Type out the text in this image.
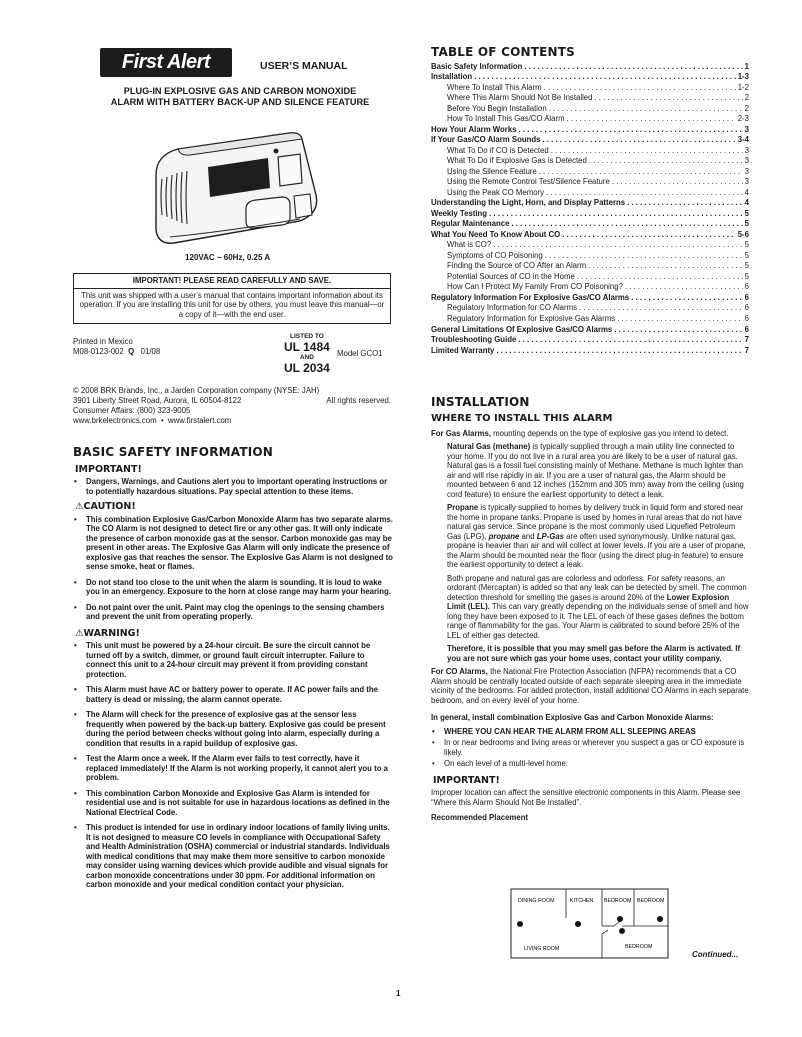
First Alert	USER’S MANUAL
PLUG-IN EXPLOSIVE GAS AND CARBON MONOXIDE
ALARM WITH BATTERY BACK-UP AND SILENCE FEATURE
120VAC ~ 60Hz, 0.25 A
IMPORTANT! PLEASE READ CAREFULLY AND SAVE.
This unit was shipped with a user’s manual that contains important information about its operation. If you are installing this unit for use by others, you must leave this manual—or a copy of it—with the end user.
Printed in Mexico
M08-0123-002 Q 01/08
LISTED TO
UL 1484
AND
UL 2034
Model GCO1
© 2008 BRK Brands, Inc., a Jarden Corporation company (NYSE: JAH)
3901 Liberty Street Road, Aurora, IL 60504-8122	All rights reserved.
Consumer Affairs: (800) 323-9005
www.brkelectronics.com • www.firstalert.com
BASIC SAFETY INFORMATION
IMPORTANT!
• Dangers, Warnings, and Cautions alert you to important operating instructions or to potentially hazardous situations. Pay special attention to these items.
⚠CAUTION!
• This combination Explosive Gas/Carbon Monoxide Alarm has two separate alarms. The CO Alarm is not designed to detect fire or any other gas. It will only indicate the presence of carbon monoxide gas at the sensor. Carbon monoxide gas may be present in other areas. The Explosive Gas Alarm will only indicate the presence of explosive gas that reaches the sensor. The Explosive Gas Alarm is not designed to sense smoke, heat or flames.
• Do not stand too close to the unit when the alarm is sounding. It is loud to wake you in an emergency. Exposure to the horn at close range may harm your hearing.
• Do not paint over the unit. Paint may clog the openings to the sensing chambers and prevent the unit from operating properly.
⚠WARNING!
• This unit must be powered by a 24-hour circuit. Be sure the circuit cannot be turned off by a switch, dimmer, or ground fault circuit interrupter. Failure to connect this unit to a 24-hour circuit may prevent it from providing constant protection.
• This Alarm must have AC or battery power to operate. If AC power fails and the battery is dead or missing, the alarm cannot operate.
• The Alarm will check for the presence of explosive gas at the sensor less frequently when powered by the back-up battery. Explosive gas could be present during the period between checks without going into alarm, especially during a condition that results in a rapid buildup of explosive gas.
• Test the Alarm once a week. If the Alarm ever fails to test correctly, have it replaced immediately! If the Alarm is not working properly, it cannot alert you to a problem.
• This combination Carbon Monoxide and Explosive Gas Alarm is intended for residential use and is not suitable for use in hazardous locations as defined in the National Electrical Code.
• This product is intended for use in ordinary indoor locations of family living units. It is not designed to measure CO levels in compliance with Occupational Safety and Health Administration (OSHA) commercial or industrial standards. Individuals with medical conditions that may make them more sensitive to carbon monoxide may consider using warning devices which provide audible and visual signals for carbon monoxide concentrations under 30 ppm. For additional information on carbon monoxide and your medical condition contact your physician.
TABLE OF CONTENTS
Basic Safety Information . . .	1
Installation . . .	1-3
Where To Install This Alarm . . .	1-2
Where This Alarm Should Not Be Installed . . .	2
Before You Begin Installation . . .	2
How To Install This Gas/CO Alarm . . .	2-3
How Your Alarm Works . . .	3
If Your Gas/CO Alarm Sounds . . .	3-4
What To Do if CO is Detected . . .	3
What To Do if Explosive Gas is Detected . . .	3
Using the Silence Feature . . .	3
Using the Remote Control Test/Silence Feature . . .	3
Using the Peak CO Memory . . .	4
Understanding the Light, Horn, and Display Patterns . . .	4
Weekly Testing . . .	5
Regular Maintenance . . .	5
What You Need To Know About CO . . .	5-6
What is CO? . . .	5
Symptoms of CO Poisoning . . .	5
Finding the Source of CO After an Alarm . . .	5
Potential Sources of CO in the Home . . .	5
How Can I Protect My Family From CO Poisoning? . . .	6
Regulatory Information For Explosive Gas/CO Alarms . . .	6
Regulatory Information for CO Alarms . . .	6
Regulatory Information for Explosive Gas Alarms . . .	6
General Limitations Of Explosive Gas/CO Alarms . . .	6
Troubleshooting Guide . . .	7
Limited Warranty . . .	7
INSTALLATION
WHERE TO INSTALL THIS ALARM

For Gas Alarms, mounting depends on the type of explosive gas you intend to detect.

Natural Gas (methane) is typically supplied through a main utility line connected to your home. If you do not live in a rural area you are likely to be a user of natural gas. Natural gas is a fossil fuel consisting mainly of Methane. Methane is much lighter than air and will rise rapidly in air. If you are a user of natural gas, the Alarm should be mounted between 6 and 12 inches (152mm and 305 mm) away from the ceiling (using cord feature) to ensure the earliest opportunity to detect a leak.

Propane is typically supplied to homes by delivery truck in liquid form and stored near the home in propane tanks. Propane is used by homes in rural areas that do not have natural gas service. Since propane is the most commonly used Liquefied Petroleum Gas (LPG), propane and LP-Gas are often used synonymously. Unlike natural gas, propane is heavier than air and will collect at lower levels. If you are a user of propane, the Alarm should be mounted near the floor (using the direct plug-in feature) to ensure the earliest opportunity to detect a leak.

Both propane and natural gas are colorless and odorless. For safety reasons, an ordorant (Mercaptan) is added so that any leak can be detected by smell. The common detection threshold for smelling the gases is around 20% of the Lower Explosion Limit (LEL). This can vary greatly depending on the individuals sense of smell and how long they have been exposed to it. The LEL of each of these gases defines the bottom range of flammability for the gas. Your Alarm is calibrated to sound before 25% of the LEL of either gas detected.

Therefore, it is possible that you may smell gas before the Alarm is activated. If you are not sure which gas your home uses, contact your utility company.

For CO Alarms, the National Fire Protection Association (NFPA) recommends that a CO Alarm should be centrally located outside of each separate sleeping area in the immediate vicinity of the bedrooms. For added protection, install additional CO Alarms in each separate bedroom, and on every level of your home.

In general, install combination Explosive Gas and Carbon Monoxide Alarms:

• WHERE YOU CAN HEAR THE ALARM FROM ALL SLEEPING AREAS
• In or near bedrooms and living areas or wherever you suspect a gas or CO exposure is likely.
• On each level of a multi-level home.
IMPORTANT!

Improper location can affect the sensitive electronic components in this Alarm. Please see “Where this Alarm Should Not Be Installed”.

Recommended Placement

DINING ROOM	KITCHEN BEDROOM BEDROOM
LIVING ROOM	BEDROOM
Continued...
1
